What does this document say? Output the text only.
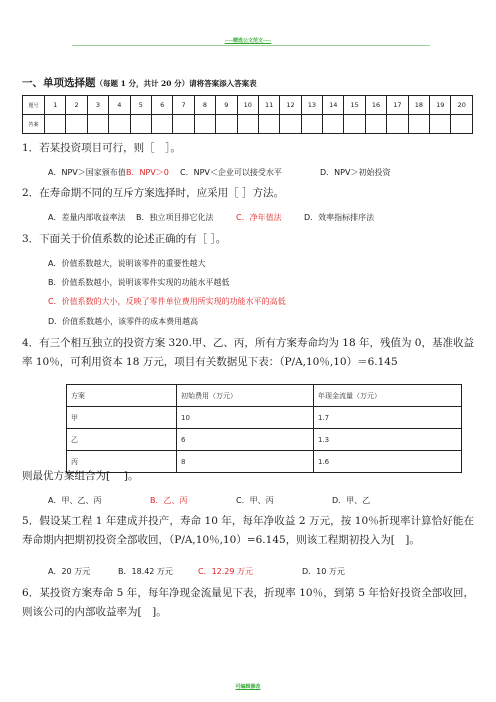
----精选公文范文----
一、单项选择题（每题 1 分，共计 20 分）请将答案添入答案表
题号	1	2	3	4	5	6	7	8	9	10	11	12	13	14	15	16	17	18	19	20
答案																				
1．若某投资项目可行，则［　］。
A．NPV＞国家颁布值B．NPV＞0 C．NPV＜企业可以接受水平	D．NPV＞初始投资
2．在寿命期不同的互斥方案选择时，应采用［ ］方法。
A．差量内部收益率法 B．独立项目排它化法	C．净年值法	D．效率指标排序法
3．下面关于价值系数的论述正确的有［ ］。
A．价值系数越大，说明该零件的重要性越大
B．价值系数越小，说明该零件实现的功能水平越低
C．价值系数的大小，反映了零件单位费用所实现的功能水平的高低
D．价值系数越小，该零件的成本费用越高
4．有三个相互独立的投资方案 320.甲、乙、丙，所有方案寿命均为 18 年，残值为 0，基准收益率 10％，可利用资本 18 万元，项目有关数据见下表：（P/A,10％,10）＝6.145
方案	初始费用（万元）	年现金流量（万元）
甲	10	1.7
乙	6	1.3
丙	8	1.6
则最优方案组合为[　 ]。
A．甲、乙、丙	B．乙、丙	C．甲、丙	D．甲、乙
5．假设某工程 1 年建成并投产，寿命 10 年，每年净收益 2 万元，按 10％折现率计算恰好能在寿命期内把期初投资全部收回，（P/A,10％,10）=6.145，则该工程期初投入为[　]。
A．20 万元	B．18.42 万元	C．12.29 万元	D．10 万元
6．某投资方案寿命 5 年，每年净现金流量见下表，折现率 10％，到第 5 年恰好投资全部收回，则该公司的内部收益率为[　]。
可编辑修改
